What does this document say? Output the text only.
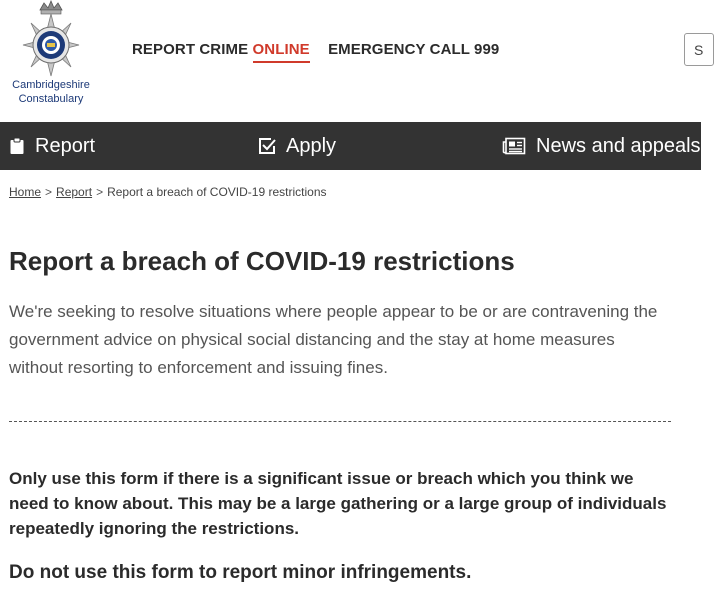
Cambridgeshire
Constabulary
REPORT CRIME ONLINE EMERGENCY CALL 999	S
Report	Apply	News and appeals
Home > Report > Report a breach of COVID-19 restrictions
Report a breach of COVID-19 restrictions

We're seeking to resolve situations where people appear to be or are contravening the government advice on physical social distancing and the stay at home measures without resorting to enforcement and issuing fines.

Only use this form if there is a significant issue or breach which you think we need to know about. This may be a large gathering or a large group of individuals repeatedly ignoring the restrictions.

Do not use this form to report minor infringements.
